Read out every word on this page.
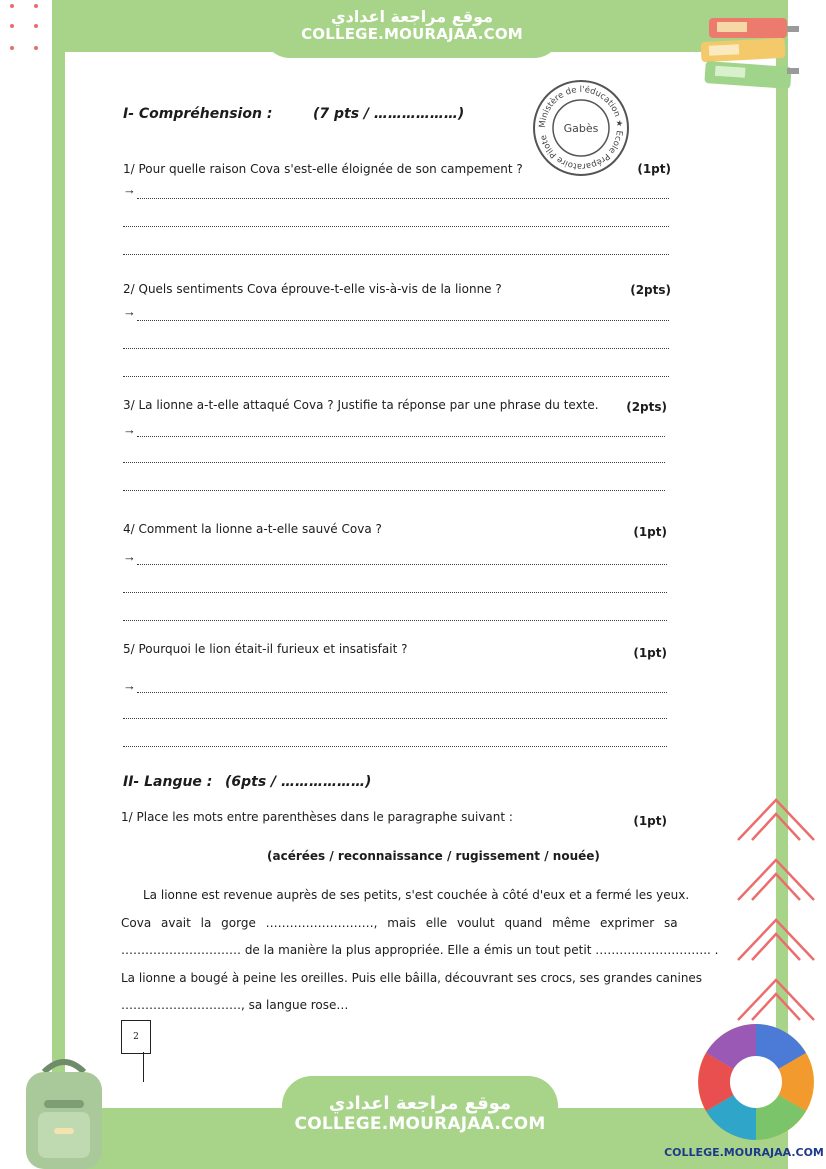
Ministère de l'éducation ★ Ecole Préparatoire Pilote
Gabès
I- Compréhension :	(7 pts / ………………)
1/ Pour quelle raison Cova s'est-elle éloignée de son campement ?	(1pt)
→
2/ Quels sentiments Cova éprouve-t-elle vis-à-vis de la lionne ?	(2pts)
→
3/ La lionne a-t-elle attaqué Cova ? Justifie ta réponse par une phrase du texte. (2pts)
→
4/ Comment la lionne a-t-elle sauvé Cova ?	(1pt)
→
5/ Pourquoi le lion était-il furieux et insatisfait ?	(1pt)
→
II- Langue : (6pts / ………………)
1/ Place les mots entre parenthèses dans le paragraphe suivant :	(1pt)
(acérées / reconnaissance / rugissement / nouée)
La lionne est revenue auprès de ses petits, s'est couchée à côté d'eux et a fermé les yeux.
Cova avait la gorge ………………………, mais elle voulut quand même exprimer sa
………………………… de la manière la plus appropriée. Elle a émis un tout petit ……………………….. .
La lionne a bougé à peine les oreilles. Puis elle bâilla, découvrant ses crocs, ses grandes canines
…………………………, sa langue rose…
2
موقع مراجعة اعدادي
COLLEGE.MOURAJAA.COM
موقع مراجعة اعدادي
COLLEGE.MOURAJAA.COM
COLLEGE.MOURAJAA.COM
